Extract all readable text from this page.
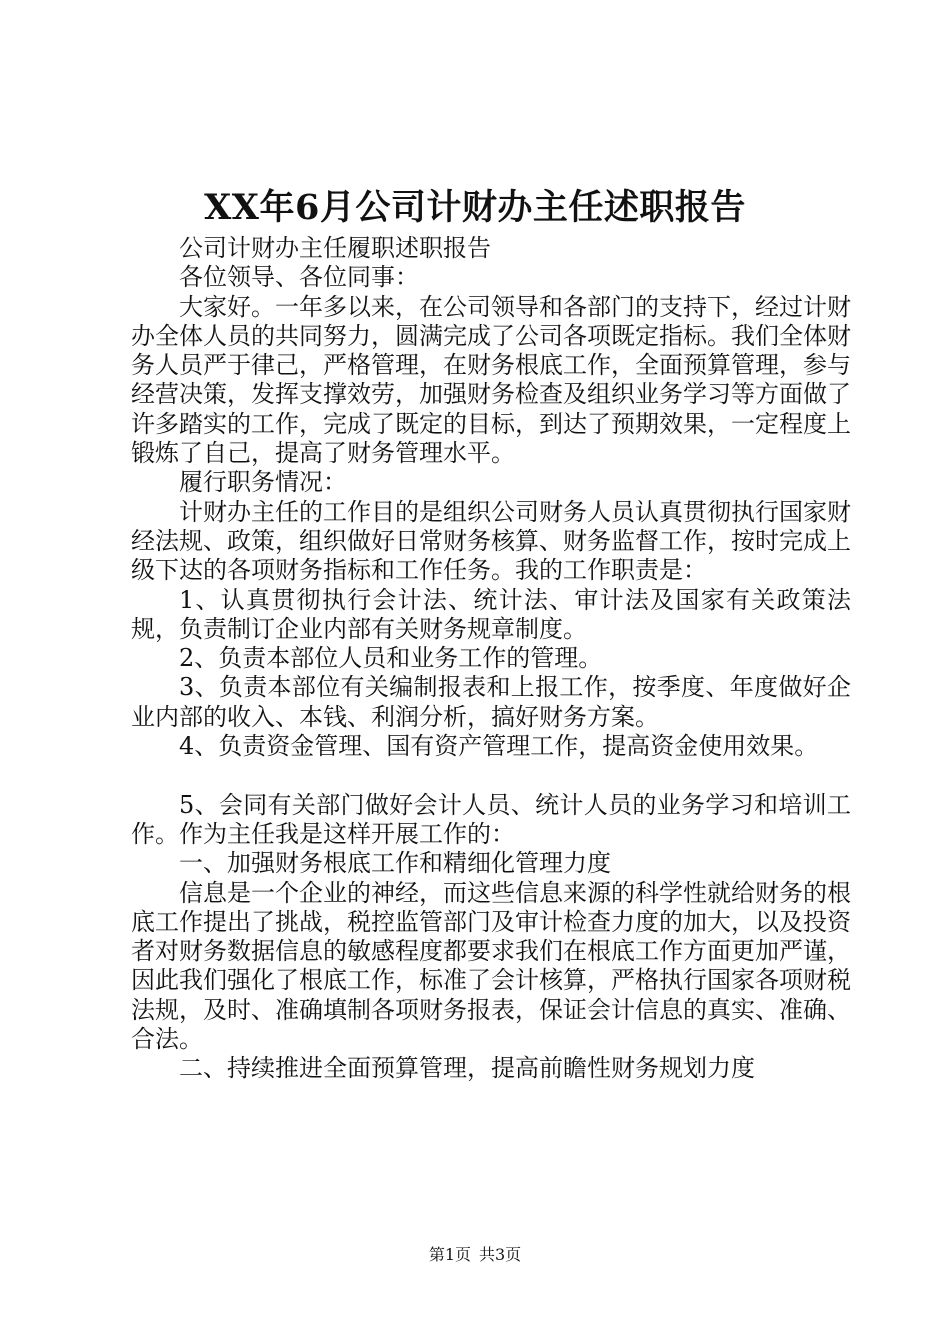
XX年6月公司计财办主任述职报告

公司计财办主任履职述职报告

各位领导、各位同事：

大家好。一年多以来，在公司领导和各部门的支持下，经过计财办全体人员的共同努力，圆满完成了公司各项既定指标。我们全体财务人员严于律己，严格管理，在财务根底工作，全面预算管理，参与经营决策，发挥支撑效劳，加强财务检查及组织业务学习等方面做了许多踏实的工作，完成了既定的目标，到达了预期效果，一定程度上锻炼了自己，提高了财务管理水平。

履行职务情况：

计财办主任的工作目的是组织公司财务人员认真贯彻执行国家财经法规、政策，组织做好日常财务核算、财务监督工作，按时完成上级下达的各项财务指标和工作任务。我的工作职责是：

1、认真贯彻执行会计法、统计法、审计法及国家有关政策法规，负责制订企业内部有关财务规章制度。

2、负责本部位人员和业务工作的管理。

3、负责本部位有关编制报表和上报工作，按季度、年度做好企业内部的收入、本钱、利润分析，搞好财务方案。

4、负责资金管理、国有资产管理工作，提高资金使用效果。

5、会同有关部门做好会计人员、统计人员的业务学习和培训工作。作为主任我是这样开展工作的：

一、加强财务根底工作和精细化管理力度

信息是一个企业的神经，而这些信息来源的科学性就给财务的根底工作提出了挑战，税控监管部门及审计检查力度的加大，以及投资者对财务数据信息的敏感程度都要求我们在根底工作方面更加严谨，因此我们强化了根底工作，标准了会计核算，严格执行国家各项财税法规，及时、准确填制各项财务报表，保证会计信息的真实、准确、合法。

二、持续推进全面预算管理，提高前瞻性财务规划力度

第1页  共3页
